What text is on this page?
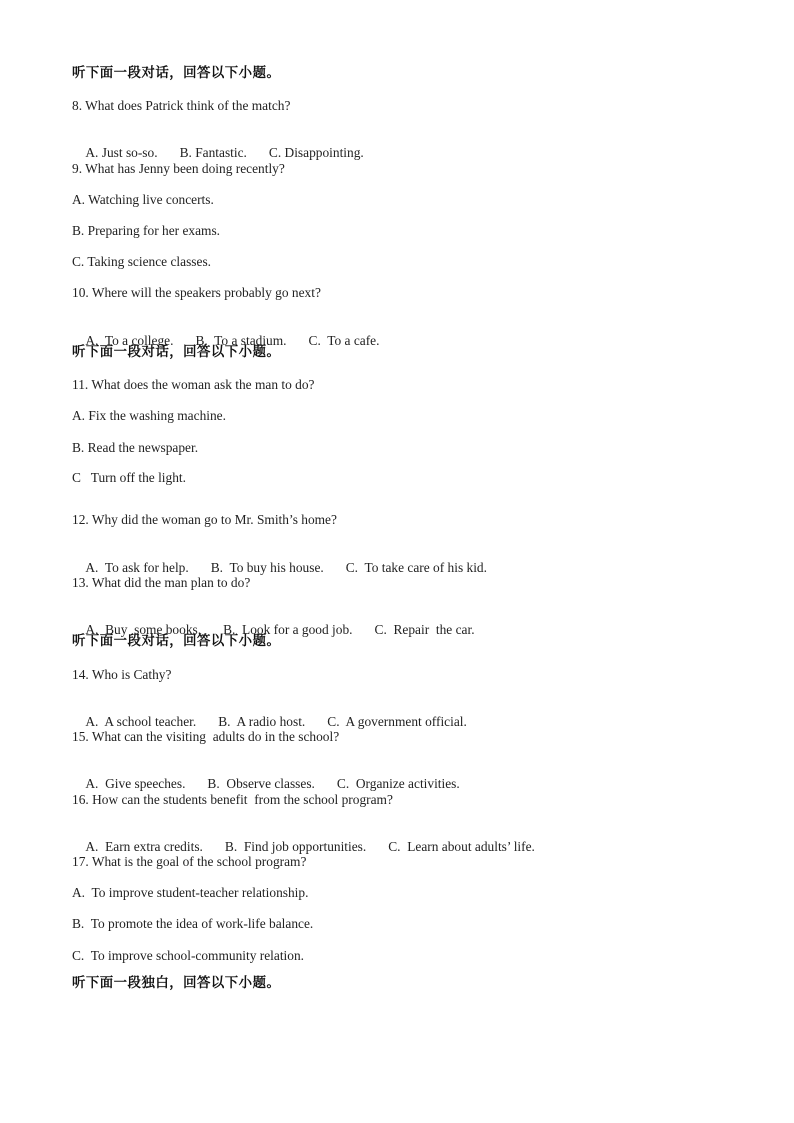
听下面一段对话，回答以下小题。
8. What does Patrick think of the match?

A. Just so-so. B. Fantastic. C. Disappointing.

9. What has Jenny been doing recently?
A. Watching live concerts.
B. Preparing for her exams.
C. Taking science classes.
10. Where will the speakers probably go next?

A.  To a college. B.  To a stadium. C.  To a cafe.

听下面一段对话，回答以下小题。
11. What does the woman ask the man to do?
A. Fix the washing machine.
B. Read the newspaper.
C   Turn off the light.
12. Why did the woman go to Mr. Smith’s home?

A.  To ask for help. B.  To buy his house. C.  To take care of his kid.

13. What did the man plan to do?

A.  Buy  some books. B.  Look for a good job. C.  Repair  the car.

听下面一段对话，回答以下小题。
14. Who is Cathy?

A.  A school teacher. B.  A radio host. C.  A government official.

15. What can the visiting  adults do in the school?

A.  Give speeches. B.  Observe classes. C.  Organize activities.

16. How can the students benefit  from the school program?

A.  Earn extra credits. B.  Find job opportunities. C.  Learn about adults’ life.

17. What is the goal of the school program?
A.  To improve student-teacher relationship.
B.  To promote the idea of work-life balance.
C.  To improve school-community relation.
听下面一段独白，回答以下小题。
